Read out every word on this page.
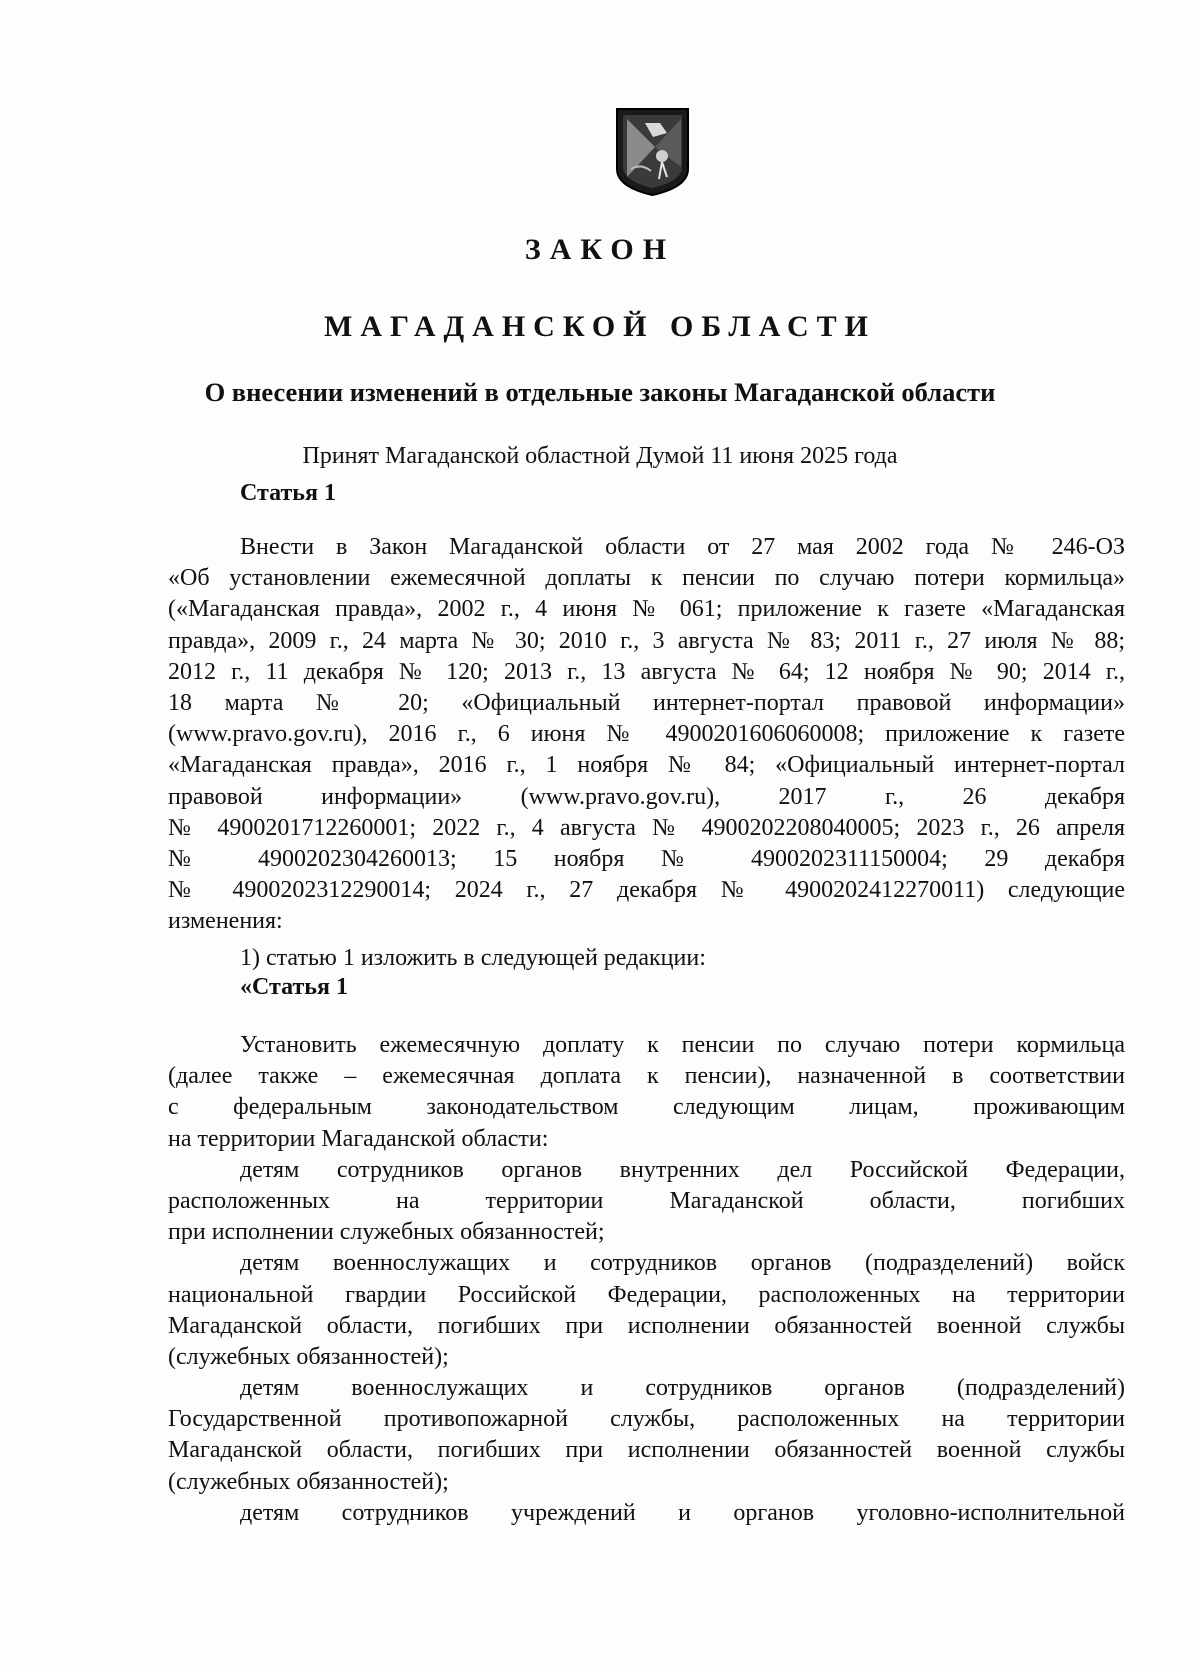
ЗАКОН
МАГАДАНСКОЙ ОБЛАСТИ
О внесении изменений в отдельные законы Магаданской области
Принят Магаданской областной Думой 11 июня 2025 года
Статья 1
Внести в Закон Магаданской области от 27 мая 2002 года № 246-ОЗ
«Об установлении ежемесячной доплаты к пенсии по случаю потери кормильца»
(«Магаданская правда», 2002 г., 4 июня № 061; приложение к газете «Магаданская
правда», 2009 г., 24 марта № 30; 2010 г., 3 августа № 83; 2011 г., 27 июля № 88;
2012 г., 11 декабря № 120; 2013 г., 13 августа № 64; 12 ноября № 90; 2014 г.,
18 марта № 20; «Официальный интернет-портал правовой информации»
(www.pravo.gov.ru), 2016 г., 6 июня № 4900201606060008; приложение к газете
«Магаданская правда», 2016 г., 1 ноября № 84; «Официальный интернет-портал
правовой информации» (www.pravo.gov.ru), 2017 г., 26 декабря
№ 4900201712260001; 2022 г., 4 августа № 4900202208040005; 2023 г., 26 апреля
№ 4900202304260013; 15 ноября № 4900202311150004; 29 декабря
№ 4900202312290014; 2024 г., 27 декабря № 4900202412270011) следующие
изменения:
1) статью 1 изложить в следующей редакции:
«Статья 1
Установить ежемесячную доплату к пенсии по случаю потери кормильца
(далее также – ежемесячная доплата к пенсии), назначенной в соответствии
с федеральным законодательством следующим лицам, проживающим
на территории Магаданской области:
детям сотрудников органов внутренних дел Российской Федерации,
расположенных на территории Магаданской области, погибших
при исполнении служебных обязанностей;
детям военнослужащих и сотрудников органов (подразделений) войск
национальной гвардии Российской Федерации, расположенных на территории
Магаданской области, погибших при исполнении обязанностей военной службы
(служебных обязанностей);
детям военнослужащих и сотрудников органов (подразделений)
Государственной противопожарной службы, расположенных на территории
Магаданской области, погибших при исполнении обязанностей военной службы
(служебных обязанностей);
детям сотрудников учреждений и органов уголовно-исполнительной
